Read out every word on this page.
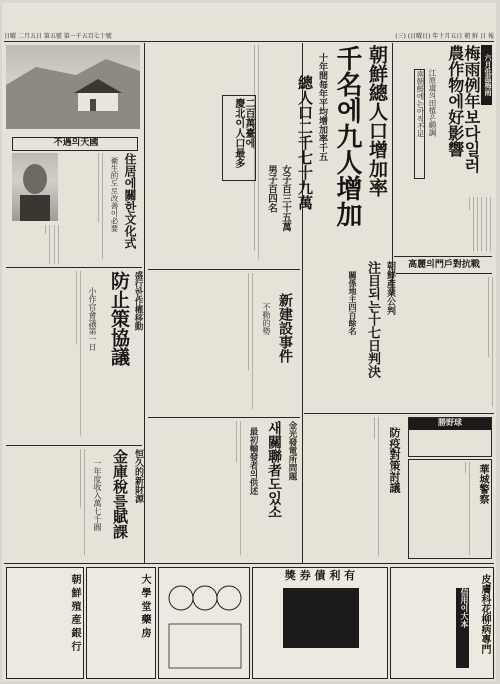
日曜 二月五日 第五號 第一千五百七十號	(三) (日曜日) 年十月五日 朝 鮮 日 報
六月低温梅雨
梅雨例年보다일러
農作物에好影響
江原道의田植은順調
南朝鮮에는아직不足
───────────────────────────────────────────────────────────────────────────────────────────────────────────────────────────────────
朝鮮總人口增加率
千名에九人增加
十年間每年平均增加率千五
總人口二千七十九萬
女子百三十五萬
男子百四名
──────────────────────────────────────────────────────────────────────────────────────────────────────────────────────────────────────────────────────────────────────────────────────────────────
二百萬臺에
慶北이人口最多
不遇의天國
住居에關한文化式
衛生的도로改善이必要
─────────────────────────────────────────────────────────────────────────────────
──────────────────────────────────────────────────────────
盛行한作權移動
防止策協議
小作官會議第一日
──────────────────────────────────────────────────────────────────────────────────────────────────────────────
恒久的新財源
金庫稅를賦課
一年度收入萬七千圓
────────────────────────────────────────────────────────────────────────────
新建設事件
不動的勢
────────────────────────────────────────────────────────────────────────────────────────────────────────────
金光發電所問題
새關聯者도있소
最初輸發者의供述
─────────────────────────────────────────────────────────────────────────────────
高麗의門戶對抗戰
朝鮮產業公判
注目되는十七日判決
關係地主四百餘名	─────────────────────────────────────────────────────────────────────────────────────────────────
防疫對策討議
──────────────────────────────────────────────────────────────────────────	勝野球
華城警察
────────────────────────────────────────────────
朝 鮮 殖 産 銀 行	大 學 堂 藥 房	獎 券 債 利 有	皮膚科花柳病專門
信用이大本
